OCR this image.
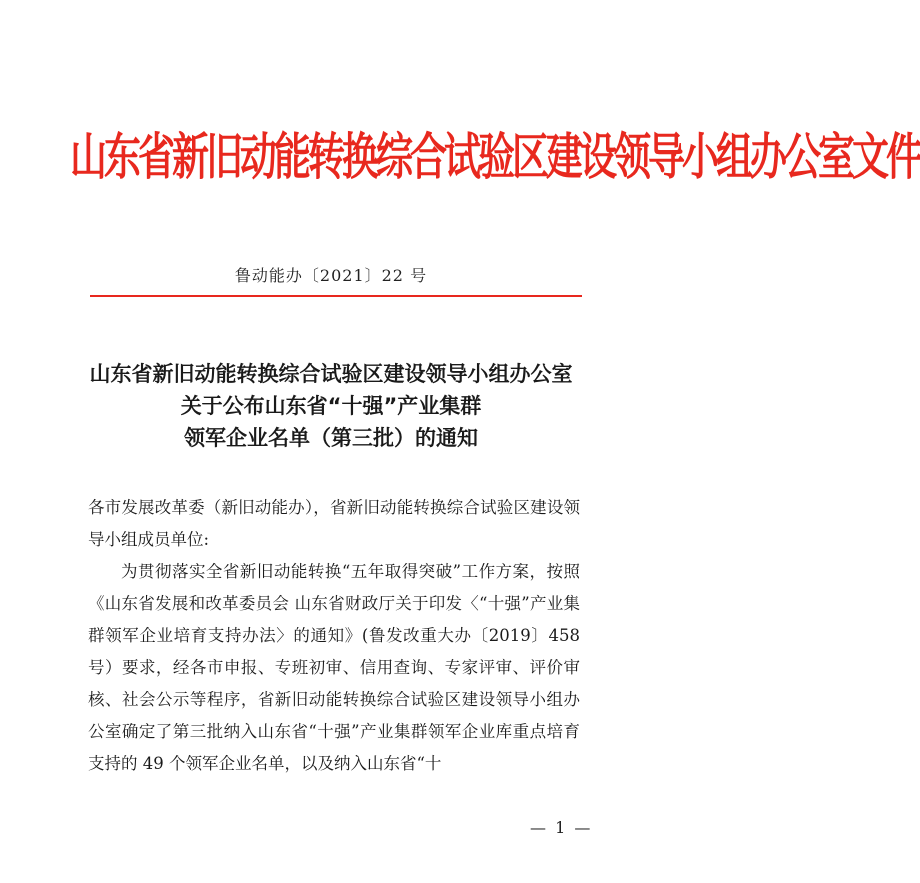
山东省新旧动能转换综合试验区建设领导小组办公室文件
鲁动能办〔2021〕22 号
山东省新旧动能转换综合试验区建设领导小组办公室
关于公布山东省“十强”产业集群
领军企业名单（第三批）的通知

各市发展改革委（新旧动能办），省新旧动能转换综合试验区建设领导小组成员单位:

为贯彻落实全省新旧动能转换“五年取得突破”工作方案，按照《山东省发展和改革委员会 山东省财政厅关于印发〈“十强”产业集群领军企业培育支持办法〉的通知》(鲁发改重大办〔2019〕458 号）要求，经各市申报、专班初审、信用查询、专家评审、评价审核、社会公示等程序，省新旧动能转换综合试验区建设领导小组办公室确定了第三批纳入山东省“十强”产业集群领军企业库重点培育支持的 49 个领军企业名单，以及纳入山东省“十

— 1 —
